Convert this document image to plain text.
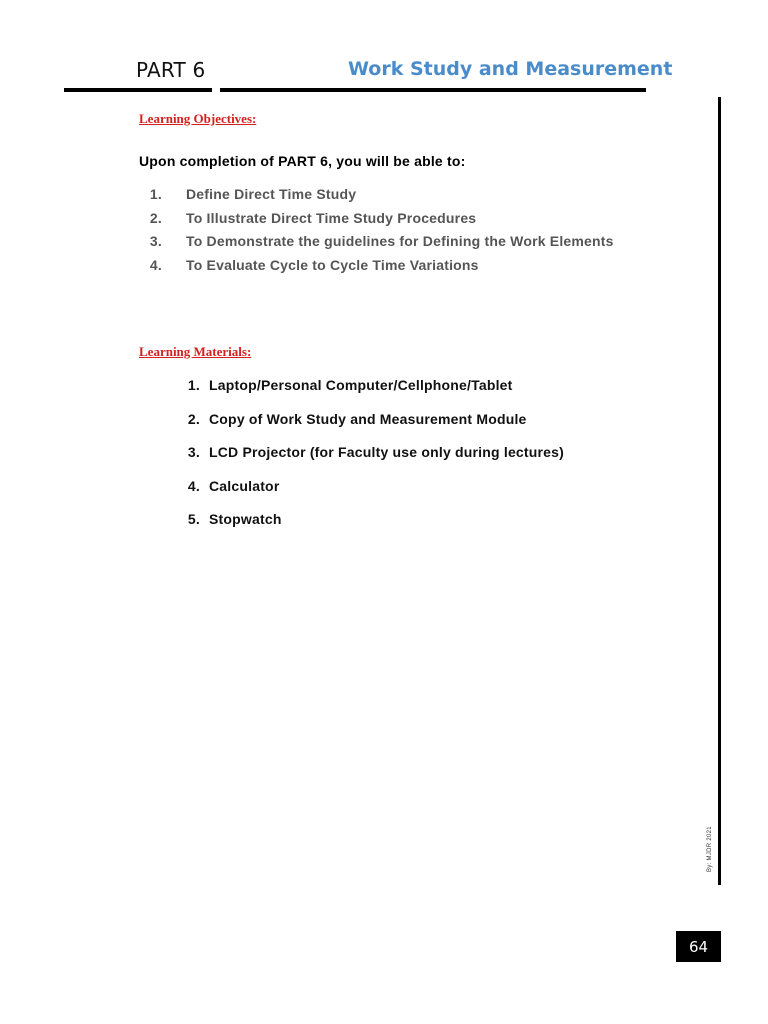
PART 6	Work Study and Measurement
Learning Objectives:
Upon completion of PART 6, you will be able to:
1. Define Direct Time Study
2. To Illustrate Direct Time Study Procedures
3. To Demonstrate the guidelines for Defining the Work Elements
4. To Evaluate Cycle to Cycle Time Variations
Learning Materials:
1. Laptop/Personal Computer/Cellphone/Tablet
2. Copy of Work Study and Measurement Module
3. LCD Projector (for Faculty use only during lectures)
4. Calculator
5. Stopwatch
By: MJDR 2021
64
